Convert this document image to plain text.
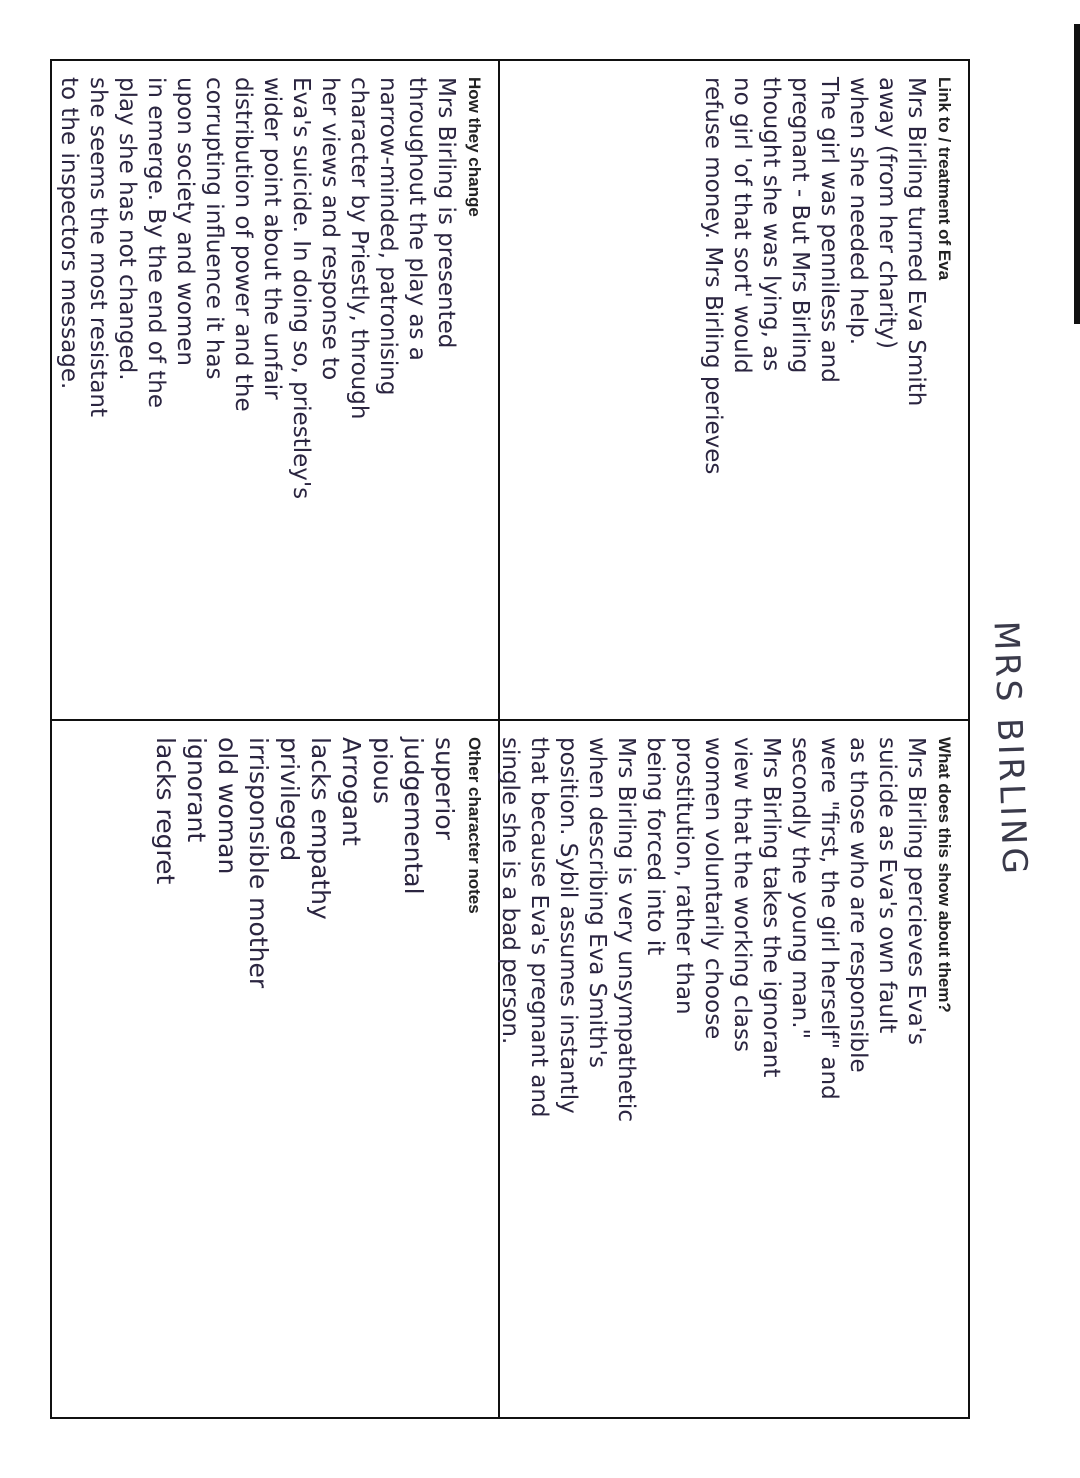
MRS BIRLING
Link to / treatment of Eva

Mrs Birling turned Eva Smith

away (from her charity)

when she needed help.

The girl was penniless and

pregnant - But Mrs Birling

thought she was lying, as

no girl 'of that sort' would

refuse money. Mrs Birling perieves

What does this show about them?

Mrs Birling percieves Eva's

suicide as Eva's own fault

as those who are responsible

were "first, the girl herself" and

secondly the young man."

Mrs Birling takes the ignorant

view that the working class

women voluntarily choose

prostitution, rather than

being forced into it

Mrs Birling is very unsympathetic

when describing Eva Smith's

position. Sybil assumes instantly

that because Eva's pregnant and

single she is a bad person.

How they change

Mrs Birling is presented

throughout the play as a

narrow-minded, patronising

character by Priestly, through

her views and response to

Eva's suicide. In doing so, priestley's

wider point about the unfair

distribution of power and the

corrupting influence it has

upon society and women

in emerge. By the end of the

play she has not changed.

she seems the most resistant

to the inspectors message.

Other character notes

superior

judgemental

pious

Arrogant

lacks empathy

privileged

irrisponsible mother

old woman

ignorant

lacks regret
